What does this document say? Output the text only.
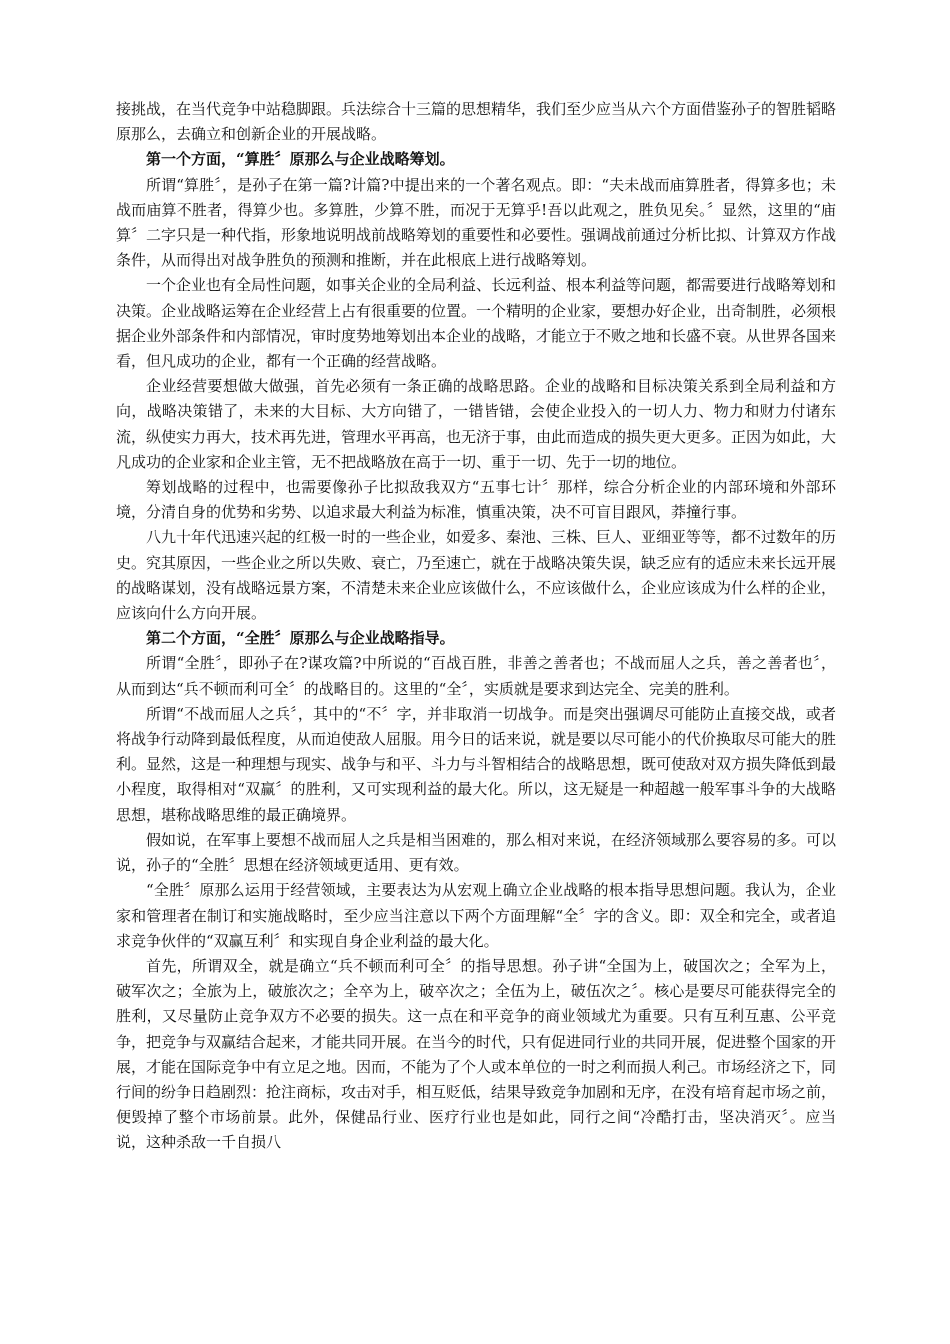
接挑战，在当代竞争中站稳脚跟。兵法综合十三篇的思想精华，我们至少应当从六个方面借鉴孙子的智胜韬略原那么，去确立和创新企业的开展战略。

第一个方面，“算胜〞原那么与企业战略筹划。

所谓“算胜〞，是孙子在第一篇?计篇?中提出来的一个著名观点。即：“夫未战而庙算胜者，得算多也；未战而庙算不胜者，得算少也。多算胜，少算不胜，而况于无算乎!吾以此观之，胜负见矣。〞显然，这里的“庙算〞二字只是一种代指，形象地说明战前战略筹划的重要性和必要性。强调战前通过分析比拟、计算双方作战条件，从而得出对战争胜负的预测和推断，并在此根底上进行战略筹划。

一个企业也有全局性问题，如事关企业的全局利益、长远利益、根本利益等问题，都需要进行战略筹划和决策。企业战略运筹在企业经营上占有很重要的位置。一个精明的企业家，要想办好企业，出奇制胜，必须根据企业外部条件和内部情况，审时度势地筹划出本企业的战略，才能立于不败之地和长盛不衰。从世界各国来看，但凡成功的企业，都有一个正确的经营战略。

企业经营要想做大做强，首先必须有一条正确的战略思路。企业的战略和目标决策关系到全局利益和方向，战略决策错了，未来的大目标、大方向错了，一错皆错，会使企业投入的一切人力、物力和财力付诸东流，纵使实力再大，技术再先进，管理水平再高，也无济于事，由此而造成的损失更大更多。正因为如此，大凡成功的企业家和企业主管，无不把战略放在高于一切、重于一切、先于一切的地位。

筹划战略的过程中，也需要像孙子比拟敌我双方“五事七计〞那样，综合分析企业的内部环境和外部环境，分清自身的优势和劣势、以追求最大利益为标准，慎重决策，决不可盲目跟风，莽撞行事。

八九十年代迅速兴起的红极一时的一些企业，如爱多、秦池、三株、巨人、亚细亚等等，都不过数年的历史。究其原因，一些企业之所以失败、衰亡，乃至速亡，就在于战略决策失误，缺乏应有的适应未来长远开展的战略谋划，没有战略远景方案，不清楚未来企业应该做什么，不应该做什么，企业应该成为什么样的企业，应该向什么方向开展。

第二个方面，“全胜〞原那么与企业战略指导。

所谓“全胜〞，即孙子在?谋攻篇?中所说的“百战百胜，非善之善者也；不战而屈人之兵，善之善者也〞，从而到达“兵不顿而利可全〞的战略目的。这里的“全〞，实质就是要求到达完全、完美的胜利。

所谓“不战而屈人之兵〞，其中的“不〞字，并非取消一切战争。而是突出强调尽可能防止直接交战，或者将战争行动降到最低程度，从而迫使敌人屈服。用今日的话来说，就是要以尽可能小的代价换取尽可能大的胜利。显然，这是一种理想与现实、战争与和平、斗力与斗智相结合的战略思想，既可使敌对双方损失降低到最小程度，取得相对“双赢〞的胜利，又可实现利益的最大化。所以，这无疑是一种超越一般军事斗争的大战略思想，堪称战略思维的最正确境界。

假如说，在军事上要想不战而屈人之兵是相当困难的，那么相对来说，在经济领域那么要容易的多。可以说，孙子的“全胜〞思想在经济领域更适用、更有效。

“全胜〞原那么运用于经营领域，主要表达为从宏观上确立企业战略的根本指导思想问题。我认为，企业家和管理者在制订和实施战略时，至少应当注意以下两个方面理解“全〞字的含义。即：双全和完全，或者追求竞争伙伴的“双赢互利〞和实现自身企业利益的最大化。

首先，所谓双全，就是确立“兵不顿而利可全〞的指导思想。孙子讲“全国为上，破国次之；全军为上，破军次之；全旅为上，破旅次之；全卒为上，破卒次之；全伍为上，破伍次之〞。核心是要尽可能获得完全的胜利，又尽量防止竞争双方不必要的损失。这一点在和平竞争的商业领域尤为重要。只有互利互惠、公平竞争，把竞争与双赢结合起来，才能共同开展。在当今的时代，只有促进同行业的共同开展，促进整个国家的开展，才能在国际竞争中有立足之地。因而，不能为了个人或本单位的一时之利而损人利己。市场经济之下，同行间的纷争日趋剧烈：抢注商标，攻击对手，相互贬低，结果导致竞争加剧和无序，在没有培育起市场之前，便毁掉了整个市场前景。此外，保健品行业、医疗行业也是如此，同行之间“冷酷打击，坚决消灭〞。应当说，这种杀敌一千自损八
